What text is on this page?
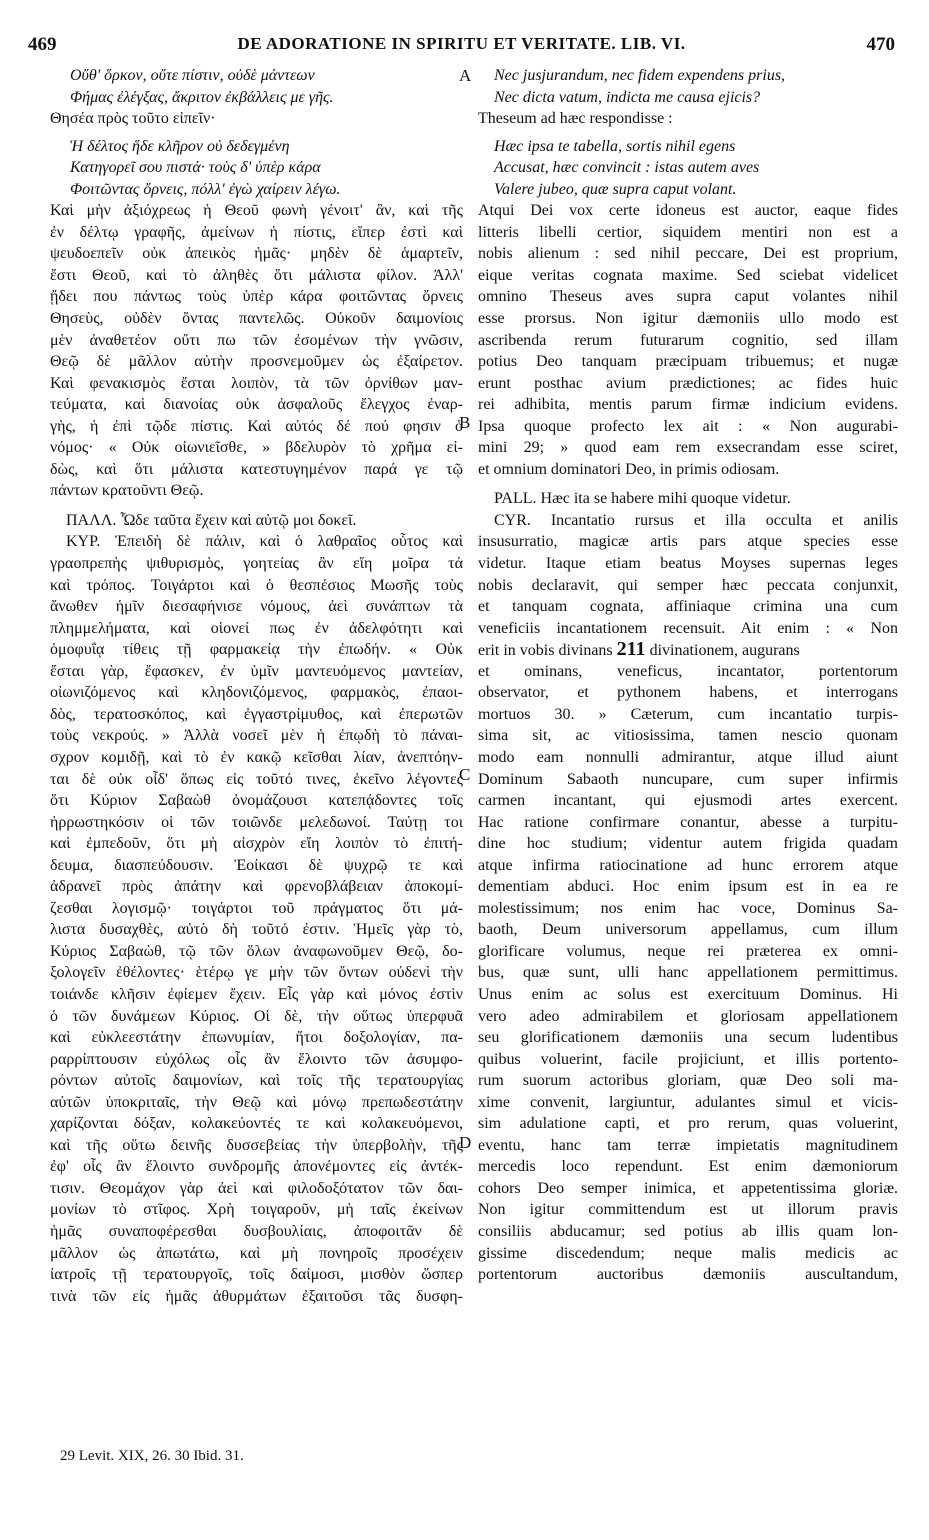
469	DE ADORATIONE IN SPIRITU ET VERITATE. LIB. VI.	470
Οὔθ' ὅρκον, οὔτε πίστιν, οὐδὲ μάντεων
Φήμας ἐλέγξας, ἄκριτον ἐκβάλλεις με γῆς.
Θησέα πρὸς τοῦτο εἰπεῖν·
Ἡ δέλτος ἥδε κλῆρον οὐ δεδεγμένη
Κατηγορεῖ σου πιστά· τοὺς δ' ὑπὲρ κάρα
Φοιτῶντας ὄρνεις, πόλλ' ἐγὼ χαίρειν λέγω.
Καὶ μὴν ἀξιόχρεως ἡ Θεοῦ φωνὴ γένοιτ' ἂν, καὶ τῆς
ἐν δέλτῳ γραφῆς, ἀμείνων ἡ πίστις, εἴπερ ἐστὶ καὶ
ψευδοεπεῖν οὐκ ἀπεικὸς ἡμᾶς· μηδὲν δὲ ἁμαρτεῖν,
ἔστι Θεοῦ, καὶ τὸ ἀληθὲς ὅτι μάλιστα φίλον. Ἀλλ'
ᾔδει που πάντως τοὺς ὑπὲρ κάρα φοιτῶντας ὄρνεις
Θησεὺς, οὐδὲν ὄντας παντελῶς. Οὐκοῦν δαιμονίοις
μὲν ἀναθετέον οὔτι πω τῶν ἐσομένων τὴν γνῶσιν,
Θεῷ δὲ μᾶλλον αὐτὴν προσνεμοῦμεν ὡς ἐξαίρετον.
Καὶ φενακισμὸς ἔσται λοιπὸν, τὰ τῶν ὀρνίθων μαν-
τεύματα, καὶ διανοίας οὐκ ἀσφαλοῦς ἔλεγχος ἐναρ-
γὴς, ἡ ἐπὶ τῷδε πίστις. Καὶ αὐτός δέ πού φησιν ὁ
νόμος· « Οὐκ οἰωνιεῖσθε, » βδελυρὸν τὸ χρῆμα εἰ-
δὼς, καὶ ὅτι μάλιστα κατεστυγημένον παρά γε τῷ
πάντων κρατοῦντι Θεῷ.
ΠΑΛΛ. Ὧδε ταῦτα ἔχειν καὶ αὐτῷ μοι δοκεῖ.
ΚΥΡ. Ἐπειδὴ δὲ πάλιν, καὶ ὁ λαθραῖος οὗτος καὶ
γραοπρεπὴς ψιθυρισμὸς, γοητείας ἂν εἴη μοῖρα τά
καὶ τρόπος. Τοιγάρτοι καὶ ὁ θεσπέσιος Μωσῆς τοὺς
ἄνωθεν ἡμῖν διεσαφήνισε νόμους, ἀεὶ συνάπτων τὰ
πλημμελήματα, καὶ οἱονεί πως ἐν ἀδελφότητι καὶ
ὁμοφυΐᾳ τίθεις τῇ φαρμακείᾳ τὴν ἐπωδήν. « Οὐκ
ἔσται γὰρ, ἔφασκεν, ἐν ὑμῖν μαντευόμενος μαντείαν,
οἰωνιζόμενος καὶ κληδονιζόμενος, φαρμακὸς, ἐπαοι-
δὸς, τερατοσκόπος, καὶ ἐγγαστρίμυθος, καὶ ἐπερωτῶν
τοὺς νεκρούς. » Ἀλλὰ νοσεῖ μὲν ἡ ἐπῳδὴ τὸ πάναι-
σχρον κομιδῇ, καὶ τὸ ἐν κακῷ κεῖσθαι λίαν, ἀνεπτόην-
ται δὲ οὐκ οἶδ' ὅπως εἰς τοῦτό τινες, ἐκεῖνο λέγοντες
ὅτι Κύριον Σαβαὼθ ὀνομάζουσι κατεπᾴδοντες τοῖς
ἠρρωστηκόσιν οἱ τῶν τοιῶνδε μελεδωνοί. Ταύτῃ τοι
καὶ ἐμπεδοῦν, ὅτι μὴ αἰσχρὸν εἴη λοιπὸν τὸ ἐπιτή-
δευμα, διασπεύδουσιν. Ἐοίκασι δὲ ψυχρῷ τε καὶ
ἀδρανεῖ πρὸς ἀπάτην καὶ φρενοβλάβειαν ἀποκομί-
ζεσθαι λογισμῷ· τοιγάρτοι τοῦ πράγματος ὅτι μά-
λιστα δυσαχθὲς, αὐτὸ δὴ τοῦτό ἐστιν. Ἡμεῖς γὰρ τὸ,
Κύριος Σαβαὼθ, τῷ τῶν ὅλων ἀναφωνοῦμεν Θεῷ, δο-
ξολογεῖν ἐθέλοντες· ἑτέρῳ γε μὴν τῶν ὄντων οὐδενὶ τὴν
τοιάνδε κλῆσιν ἐφίεμεν ἔχειν. Εἷς γὰρ καὶ μόνος ἐστὶν
ὁ τῶν δυνάμεων Κύριος. Οἱ δὲ, τὴν οὕτως ὑπερφυᾶ
καὶ εὐκλεεστάτην ἐπωνυμίαν, ἤτοι δοξολογίαν, πα-
ραρρίπτουσιν εὐχόλως οἷς ἂν ἕλοιντο τῶν ἀσυμφο-
ρόντων αὐτοῖς δαιμονίων, καὶ τοῖς τῆς τερατουργίας
αὐτῶν ὑποκριταῖς, τὴν Θεῷ καὶ μόνῳ πρεπωδεστάτην
χαρίζονται δόξαν, κολακεύοντές τε καὶ κολακευόμενοι,
καὶ τῆς οὕτω δεινῆς δυσσεβείας τὴν ὑπερβολὴν, τῆς
ἐφ' οἷς ἂν ἕλοιντο συνδρομῆς ἀπονέμοντες εἰς ἀντέκ-
τισιν. Θεομάχον γὰρ ἀεὶ καὶ φιλοδοξότατον τῶν δαι-
μονίων τὸ στῖφος. Χρὴ τοιγαροῦν, μὴ ταῖς ἐκείνων
ἡμᾶς συναποφέρεσθαι δυσβουλίαις, ἀποφοιτᾶν δὲ
μᾶλλον ὡς ἀπωτάτω, καὶ μὴ πονηροῖς προσέχειν
ἰατροῖς τῇ τερατουργοῖς, τοῖς δαίμοσι, μισθὸν ὥσπερ
τινὰ τῶν εἰς ἡμᾶς ἀθυρμάτων ἐξαιτοῦσι τᾶς δυσφη-
A
B
C
D
Nec jusjurandum, nec fidem expendens prius,
Nec dicta vatum, indicta me causa ejicis?
Theseum ad hæc respondisse :
Hæc ipsa te tabella, sortis nihil egens
Accusat, hæc convincit : istas autem aves
Valere jubeo, quæ supra caput volant.
Atqui Dei vox certe idoneus est auctor, eaque fides
litteris libelli certior, siquidem mentiri non est a
nobis alienum : sed nihil peccare, Dei est proprium,
eique veritas cognata maxime. Sed sciebat videlicet
omnino Theseus aves supra caput volantes nihil
esse prorsus. Non igitur dæmoniis ullo modo est
ascribenda rerum futurarum cognitio, sed illam
potius Deo tanquam præcipuam tribuemus; et nugæ
erunt posthac avium prædictiones; ac fides huic
rei adhibita, mentis parum firmæ indicium evidens.
Ipsa quoque profecto lex ait : « Non augurabi-
mini 29; » quod eam rem exsecrandam esse sciret,
et omnium dominatori Deo, in primis odiosam.
PALL. Hæc ita se habere mihi quoque videtur.
CYR. Incantatio rursus et illa occulta et anilis
insusurratio, magicæ artis pars atque species esse
videtur. Itaque etiam beatus Moyses supernas leges
nobis declaravit, qui semper hæc peccata conjunxit,
et tanquam cognata, affiniaque crimina una cum
veneficiis incantationem recensuit. Ait enim : « Non
erit in vobis divinans 211 divinationem, augurans
et ominans, veneficus, incantator, portentorum
observator, et pythonem habens, et interrogans
mortuos 30. » Cæterum, cum incantatio turpis-
sima sit, ac vitiosissima, tamen nescio quonam
modo eam nonnulli admirantur, atque illud aiunt
Dominum Sabaoth nuncupare, cum super infirmis
carmen incantant, qui ejusmodi artes exercent.
Hac ratione confirmare conantur, abesse a turpitu-
dine hoc studium; videntur autem frigida quadam
atque infirma ratiocinatione ad hunc errorem atque
dementiam abduci. Hoc enim ipsum est in ea re
molestissimum; nos enim hac voce, Dominus Sa-
baoth, Deum universorum appellamus, cum illum
glorificare volumus, neque rei præterea ex omni-
bus, quæ sunt, ulli hanc appellationem permittimus.
Unus enim ac solus est exercituum Dominus. Hi
vero adeo admirabilem et gloriosam appellationem
seu glorificationem dæmoniis una secum ludentibus
quibus voluerint, facile projiciunt, et illis portento-
rum suorum actoribus gloriam, quæ Deo soli ma-
xime convenit, largiuntur, adulantes simul et vicis-
sim adulatione capti, et pro rerum, quas voluerint,
eventu, hanc tam terræ impietatis magnitudinem
mercedis loco rependunt. Est enim dæmoniorum
cohors Deo semper inimica, et appetentissima gloriæ.
Non igitur committendum est ut illorum pravis
consiliis abducamur; sed potius ab illis quam lon-
gissime discedendum; neque malis medicis ac
portentorum auctoribus dæmoniis auscultandum,
29 Levit. XIX, 26. 30 Ibid. 31.
